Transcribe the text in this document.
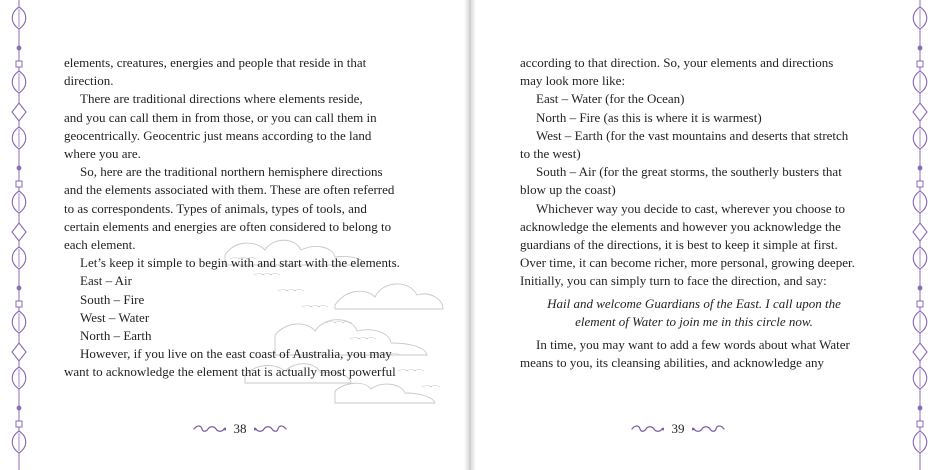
elements, creatures, energies and people that reside in that
direction.
There are traditional directions where elements reside,
and you can call them in from those, or you can call them in
geocentrically. Geocentric just means according to the land
where you are.
So, here are the traditional northern hemisphere directions
and the elements associated with them. These are often referred
to as correspondents. Types of animals, types of tools, and
certain elements and energies are often considered to belong to
each element.
Let’s keep it simple to begin with and start with the elements.
East – Air
South – Fire
West – Water
North – Earth
However, if you live on the east coast of Australia, you may
want to acknowledge the element that is actually most powerful
38
according to that direction. So, your elements and directions
may look more like:
East – Water (for the Ocean)
North – Fire (as this is where it is warmest)
West – Earth (for the vast mountains and deserts that stretch
to the west)
South – Air (for the great storms, the southerly busters that
blow up the coast)
Whichever way you decide to cast, wherever you choose to
acknowledge the elements and however you acknowledge the
guardians of the directions, it is best to keep it simple at first.
Over time, it can become richer, more personal, growing deeper.
Initially, you can simply turn to face the direction, and say:
Hail and welcome Guardians of the East. I call upon the
element of Water to join me in this circle now.
In time, you may want to add a few words about what Water
means to you, its cleansing abilities, and acknowledge any
39
